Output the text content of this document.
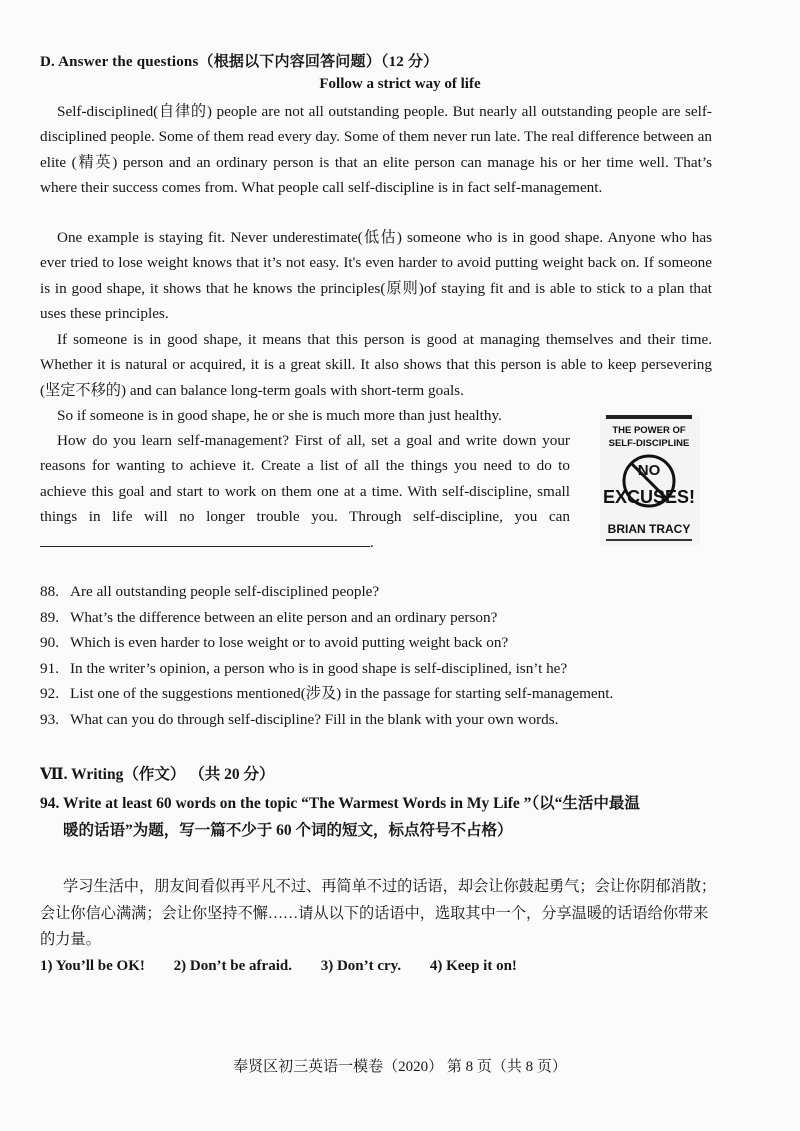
D. Answer the questions（根据以下内容回答问题）（12 分）
Follow a strict way of life

Self-disciplined(自律的) people are not all outstanding people. But nearly all outstanding people are self-disciplined people. Some of them read every day. Some of them never run late. The real difference between an elite (精英) person and an ordinary person is that an elite person can manage his or her time well. That’s where their success comes from. What people call self-discipline is in fact self-management.

One example is staying fit. Never underestimate(低估) someone who is in good shape. Anyone who has ever tried to lose weight knows that it’s not easy. It's even harder to avoid putting weight back on. If someone is in good shape, it shows that he knows the principles(原则)of staying fit and is able to stick to a plan that uses these principles.

If someone is in good shape, it means that this person is good at managing themselves and their time. Whether it is natural or acquired, it is a great skill. It also shows that this person is able to keep persevering (坚定不移的) and can balance long-term goals with short-term goals.

So if someone is in good shape, he or she is much more than just healthy.

How do you learn self-management? First of all, set a goal and write down your reasons for wanting to achieve it. Create a list of all the things you need to do to achieve this goal and start to work on them one at a time. With self-discipline, small things in life will no longer trouble you. Through self-discipline, you can .

THE POWER OF
SELF-DISCIPLINE
NO
EXCUSES!
BRIAN TRACY
88. Are all outstanding people self-disciplined people?
89. What’s the difference between an elite person and an ordinary person?
90. Which is even harder to lose weight or to avoid putting weight back on?
91. In the writer’s opinion, a person who is in good shape is self-disciplined, isn’t he?
92. List one of the suggestions mentioned(涉及) in the passage for starting self-management.
93. What can you do through self-discipline? Fill in the blank with your own words.
Ⅶ. Writing（作文） （共 20 分）
94. Write at least 60 words on the topic “The Warmest Words in My Life ”（以“生活中最温
暖的话语”为题，写一篇不少于 60 个词的短文，标点符号不占格）
学习生活中，朋友间看似再平凡不过、再简单不过的话语，却会让你鼓起勇气；会让你阴郁消散；会让你信心满满；会让你坚持不懈……请从以下的话语中，选取其中一个，分享温暖的话语给你带来的力量。
1) You’ll be OK! 2) Don’t be afraid. 3) Don’t cry. 4) Keep it on!
奉贤区初三英语一模卷（2020） 第 8 页（共 8 页）
